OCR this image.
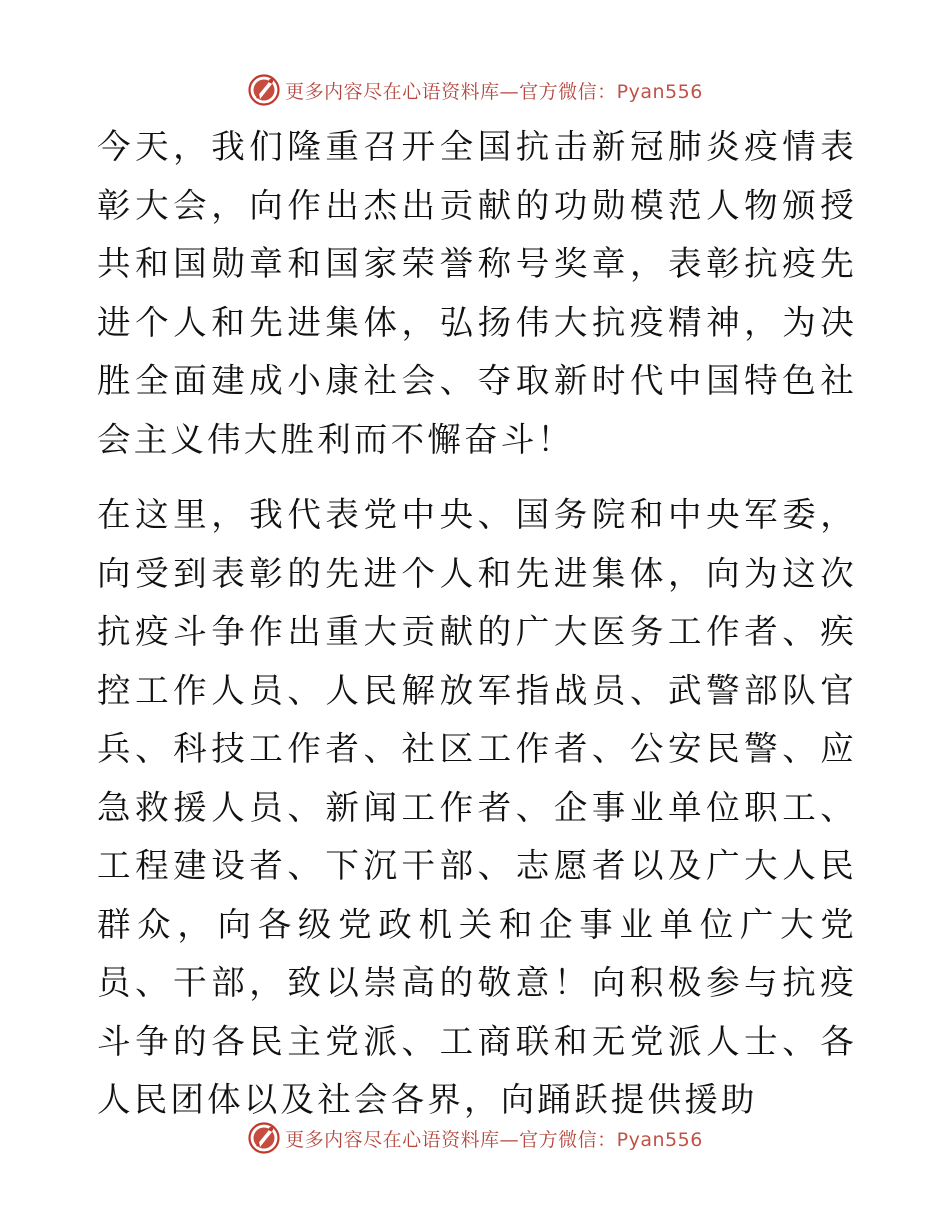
更多内容尽在心语资料库—官方微信：Pyan556

今天，我们隆重召开全国抗击新冠肺炎疫情表彰大会，向作出杰出贡献的功勋模范人物颁授共和国勋章和国家荣誉称号奖章，表彰抗疫先进个人和先进集体，弘扬伟大抗疫精神，为决胜全面建成小康社会、夺取新时代中国特色社会主义伟大胜利而不懈奋斗！

在这里，我代表党中央、国务院和中央军委，向受到表彰的先进个人和先进集体，向为这次抗疫斗争作出重大贡献的广大医务工作者、疾控工作人员、人民解放军指战员、武警部队官兵、科技工作者、社区工作者、公安民警、应急救援人员、新闻工作者、企事业单位职工、工程建设者、下沉干部、志愿者以及广大人民群众，向各级党政机关和企事业单位广大党员、干部，致以崇高的敬意！向积极参与抗疫斗争的各民主党派、工商联和无党派人士、各人民团体以及社会各界，向踊跃提供援助

更多内容尽在心语资料库—官方微信：Pyan556
